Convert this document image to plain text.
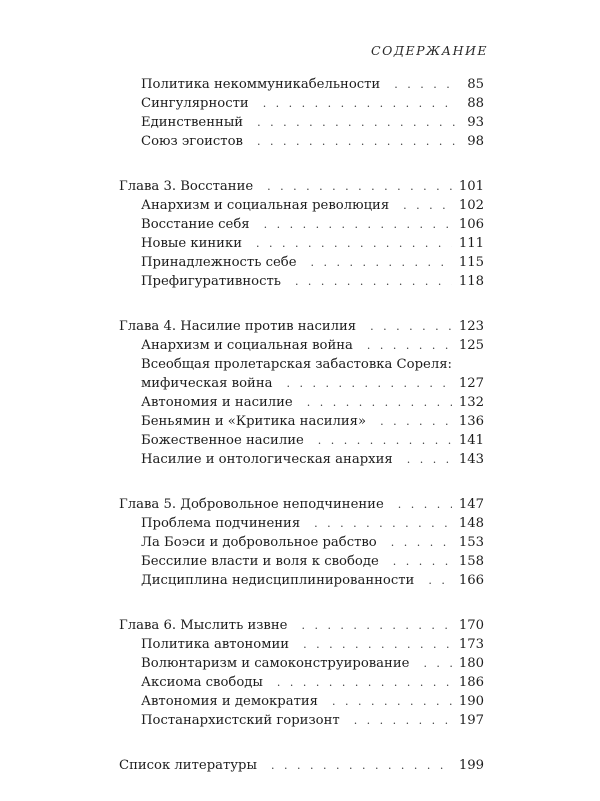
СОДЕРЖАНИЕ
Политика некоммуникабельности . . .	85
Сингулярности . . .	88
Единственный . . .	93
Союз эгоистов . . .	98
Глава 3. Восстание . . .	101
Анархизм и социальная революция . . .	102
Восстание себя . . .	106
Новые киники . . .	111
Принадлежность себе . . .	115
Префигуративность . . .	118
Глава 4. Насилие против насилия . . .	123
Анархизм и социальная война . . .	125
Всеобщая пролетарская забастовка Сореля:
мифическая война . . .	127
Автономия и насилие . . .	132
Беньямин и «Критика насилия» . . .	136
Божественное насилие . . .	141
Насилие и онтологическая анархия . . .	143
Глава 5. Добровольное неподчинение . . .	147
Проблема подчинения . . .	148
Ла Боэси и добровольное рабство . . .	153
Бессилие власти и воля к свободе . . .	158
Дисциплина недисциплинированности . . .	166
Глава 6. Мыслить извне . . .	170
Политика автономии . . .	173
Волюнтаризм и самоконструирование . . .	180
Аксиома свободы . . .	186
Автономия и демократия . . .	190
Постанархистский горизонт . . .	197
Список литературы . . .	199
